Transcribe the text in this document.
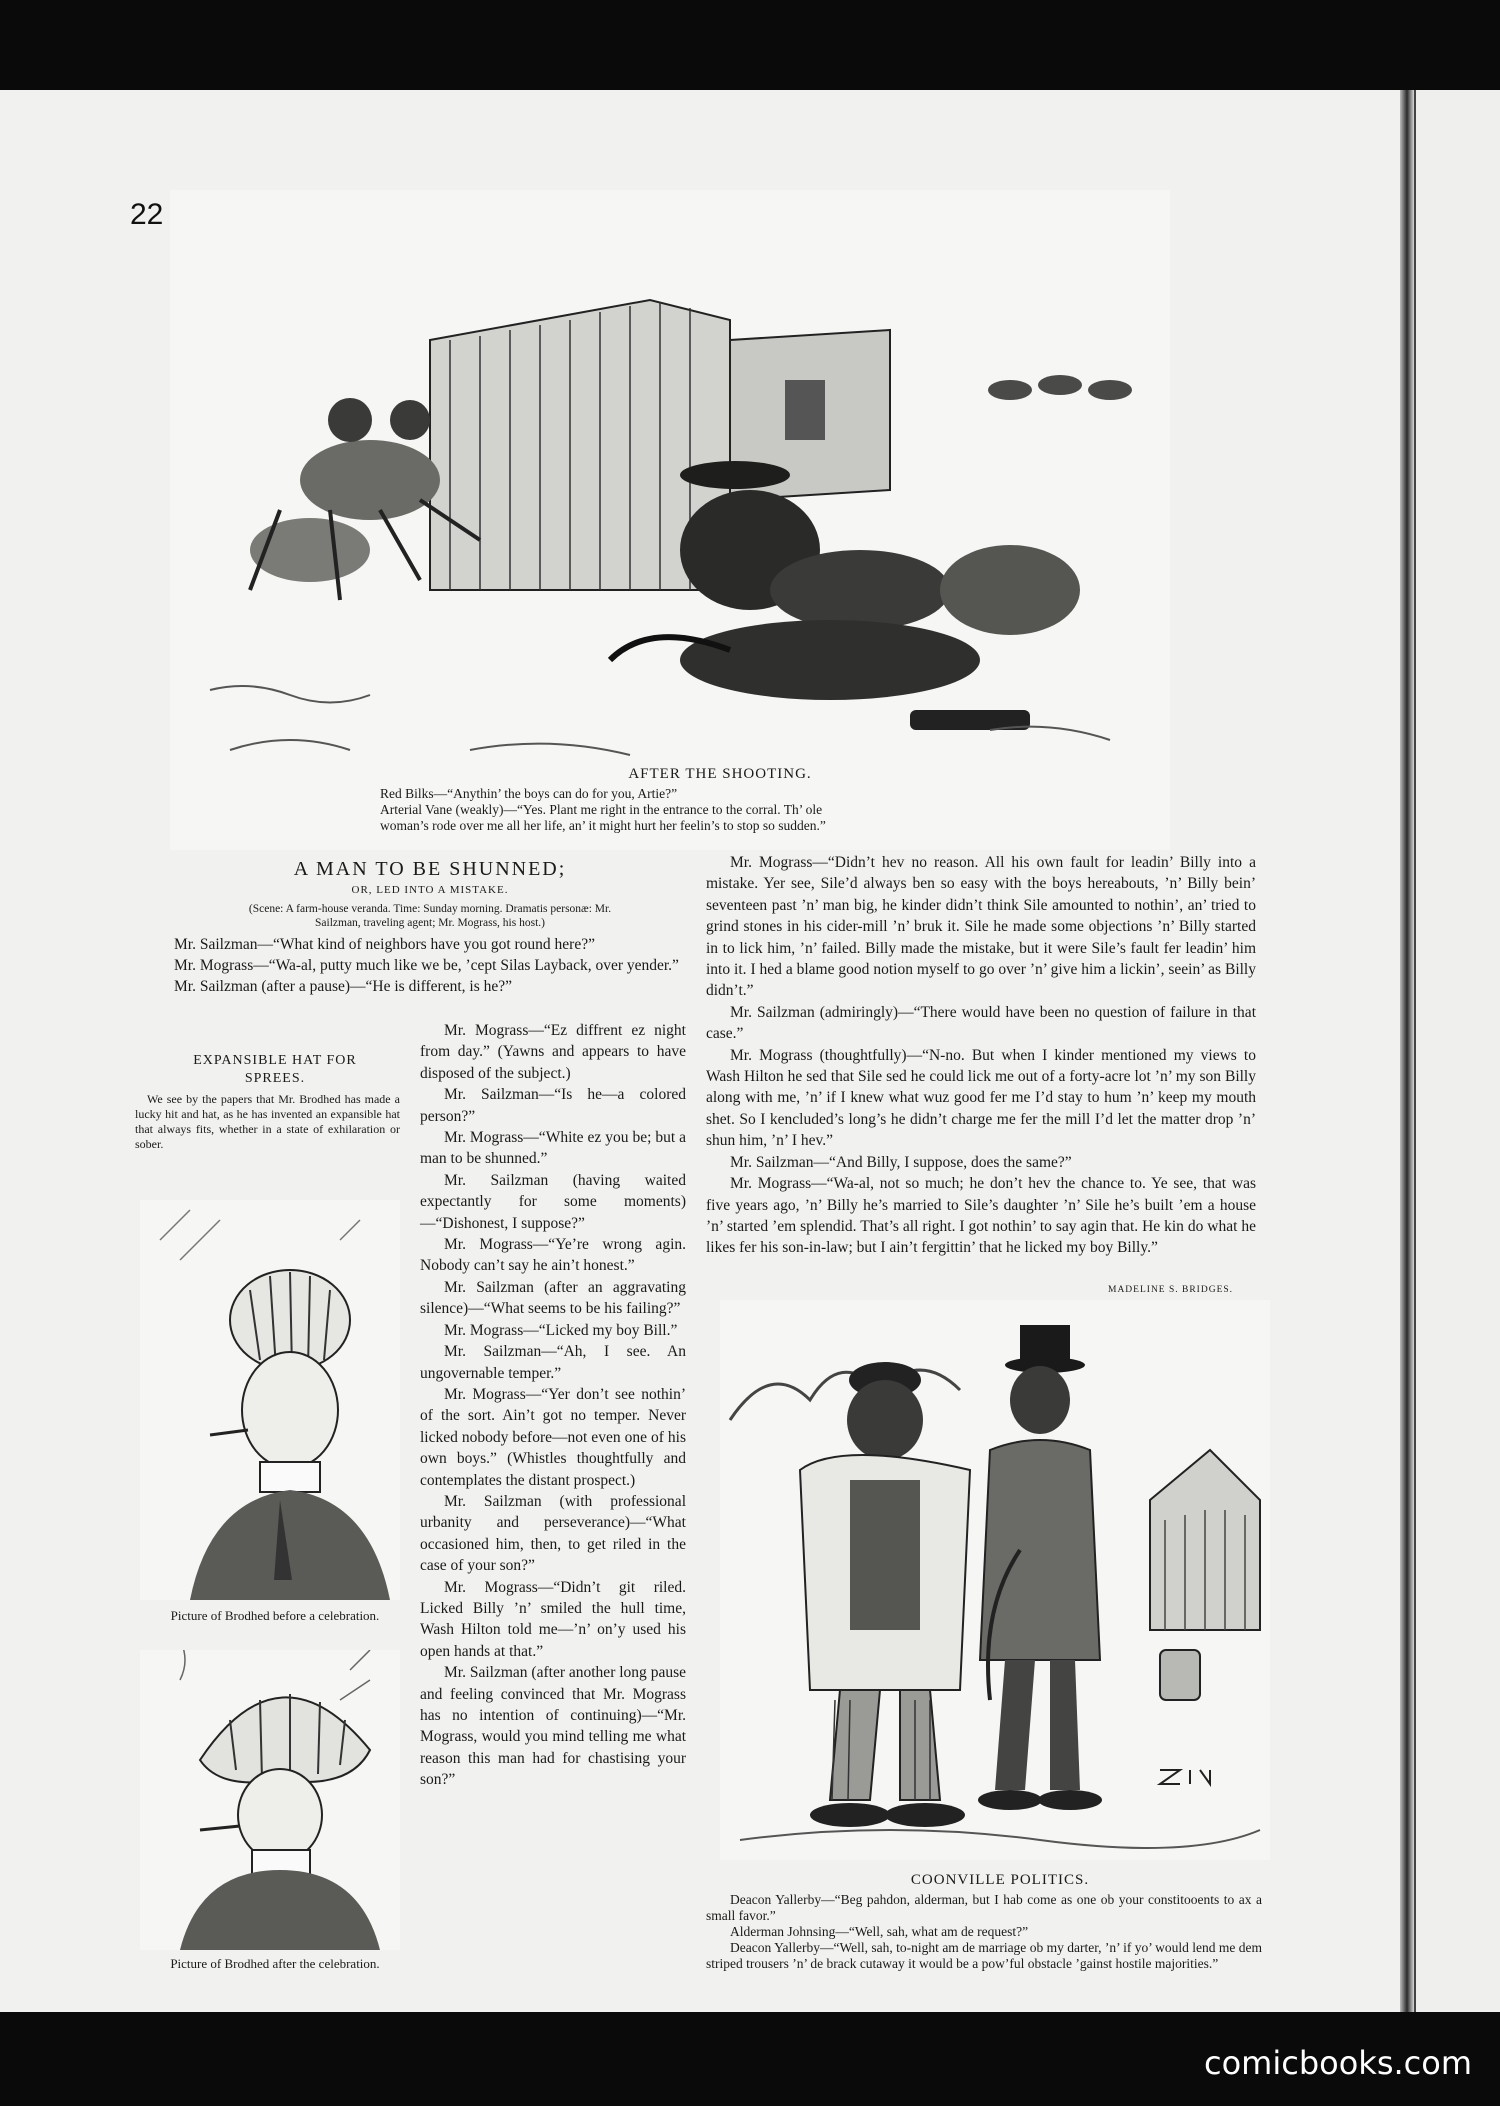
22
AFTER THE SHOOTING.

Red Bilks—“Anythin’ the boys can do for you, Artie?”

Arterial Vane (weakly)—“Yes. Plant me right in the entrance to the corral. Th’ ole

woman’s rode over me all her life, an’ it might hurt her feelin’s to stop so sudden.”

A MAN TO BE SHUNNED;
OR, LED INTO A MISTAKE.
(Scene: A farm-house veranda. Time: Sunday morning. Dramatis personæ: Mr.
Sailzman, traveling agent; Mr. Mograss, his host.)

Mr. Sailzman—“What kind of neighbors have you got round here?”

Mr. Mograss—“Wa-al, putty much like we be, ’cept Silas Layback, over yender.”

Mr. Sailzman (after a pause)—“He is different, is he?”

EXPANSIBLE HAT FOR
SPREES.

We see by the papers that Mr. Brodhed has made a lucky hit and hat, as he has invented an expansible hat that always fits, whether in a state of exhilaration or sober.

Picture of Brodhed before a celebration.
Picture of Brodhed after the celebration.

Mr. Mograss—“Ez diffrent ez night from day.” (Yawns and appears to have disposed of the subject.)

Mr. Sailzman—“Is he—a colored person?”

Mr. Mograss—“White ez you be; but a man to be shunned.”

Mr. Sailzman (having waited expectantly for some moments)—“Dishonest, I suppose?”

Mr. Mograss—“Ye’re wrong agin. Nobody can’t say he ain’t honest.”

Mr. Sailzman (after an aggravating silence)—“What seems to be his failing?”

Mr. Mograss—“Licked my boy Bill.”

Mr. Sailzman—“Ah, I see. An ungovernable temper.”

Mr. Mograss—“Yer don’t see nothin’ of the sort. Ain’t got no temper. Never licked nobody before—not even one of his own boys.” (Whistles thoughtfully and contemplates the distant prospect.)

Mr. Sailzman (with professional urbanity and perseverance)—“What occasioned him, then, to get riled in the case of your son?”

Mr. Mograss—“Didn’t git riled. Licked Billy ’n’ smiled the hull time, Wash Hilton told me—’n’ on’y used his open hands at that.”

Mr. Sailzman (after another long pause and feeling convinced that Mr. Mograss has no intention of continuing)—“Mr. Mograss, would you mind telling me what reason this man had for chastising your son?”

Mr. Mograss—“Didn’t hev no reason. All his own fault for leadin’ Billy into a mistake. Yer see, Sile’d always ben so easy with the boys hereabouts, ’n’ Billy bein’ seventeen past ’n’ man big, he kinder didn’t think Sile amounted to nothin’, an’ tried to grind stones in his cider-mill ’n’ bruk it. Sile he made some objections ’n’ Billy started in to lick him, ’n’ failed. Billy made the mistake, but it were Sile’s fault fer leadin’ him into it. I hed a blame good notion myself to go over ’n’ give him a lickin’, seein’ as Billy didn’t.”

Mr. Sailzman (admiringly)—“There would have been no question of failure in that case.”

Mr. Mograss (thoughtfully)—“N-no. But when I kinder mentioned my views to Wash Hilton he sed that Sile sed he could lick me out of a forty-acre lot ’n’ my son Billy along with me, ’n’ if I knew what wuz good fer me I’d stay to hum ’n’ keep my mouth shet. So I kencluded’s long’s he didn’t charge me fer the mill I’d let the matter drop ’n’ shun him, ’n’ I hev.”

Mr. Sailzman—“And Billy, I suppose, does the same?”

Mr. Mograss—“Wa-al, not so much; he don’t hev the chance to. Ye see, that was five years ago, ’n’ Billy he’s married to Sile’s daughter ’n’ Sile he’s built ’em a house ’n’ started ’em splendid. That’s all right. I got nothin’ to say agin that. He kin do what he likes fer his son-in-law; but I ain’t fergittin’ that he licked my boy Billy.”

MADELINE S. BRIDGES.
COONVILLE POLITICS.

Deacon Yallerby—“Beg pahdon, alderman, but I hab come as one ob your constitooents to ax a small favor.”

Alderman Johnsing—“Well, sah, what am de request?”

Deacon Yallerby—“Well, sah, to-night am de marriage ob my darter, ’n’ if yo’ would lend me dem striped trousers ’n’ de brack cutaway it would be a pow’ful obstacle ’gainst hostile majorities.”

comicbooks.com
